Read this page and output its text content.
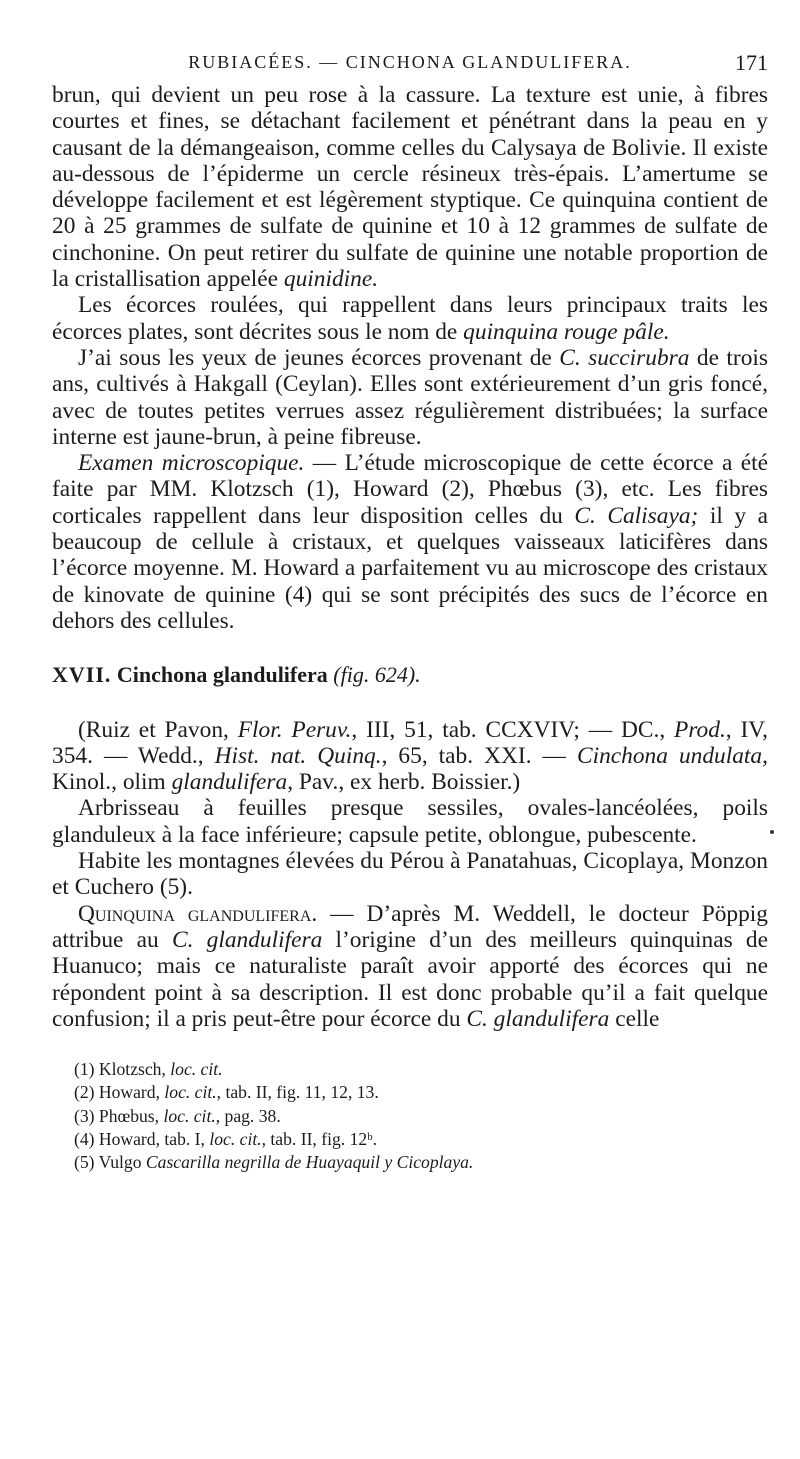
RUBIACÉES. — CINCHONA GLANDULIFERA.	171

brun, qui devient un peu rose à la cassure. La texture est unie, à fibres courtes et fines, se détachant facilement et pénétrant dans la peau en y causant de la démangeaison, comme celles du Calysaya de Bolivie. Il existe au-dessous de l’épiderme un cercle résineux très-épais. L’amertume se développe facilement et est légèrement styptique. Ce quinquina contient de 20 à 25 grammes de sulfate de quinine et 10 à 12 grammes de sulfate de cinchonine. On peut retirer du sulfate de quinine une notable proportion de la cristallisation appelée quinidine.

Les écorces roulées, qui rappellent dans leurs principaux traits les écorces plates, sont décrites sous le nom de quinquina rouge pâle.

J’ai sous les yeux de jeunes écorces provenant de C. succirubra de trois ans, cultivés à Hakgall (Ceylan). Elles sont extérieurement d’un gris foncé, avec de toutes petites verrues assez régulièrement distribuées; la surface interne est jaune-brun, à peine fibreuse.

Examen microscopique. — L’étude microscopique de cette écorce a été faite par MM. Klotzsch (1), Howard (2), Phœbus (3), etc. Les fibres corticales rappellent dans leur disposition celles du C. Calisaya; il y a beaucoup de cellule à cristaux, et quelques vaisseaux laticifères dans l’écorce moyenne. M. Howard a parfaitement vu au microscope des cristaux de kinovate de quinine (4) qui se sont précipités des sucs de l’écorce en dehors des cellules.

XVII. Cinchona glandulifera (fig. 624).

(Ruiz et Pavon, Flor. Peruv., III, 51, tab. CCXVIV; — DC., Prod., IV, 354. — Wedd., Hist. nat. Quinq., 65, tab. XXI. — Cinchona undulata, Kinol., olim glandulifera, Pav., ex herb. Boissier.)

Arbrisseau à feuilles presque sessiles, ovales-lancéolées, poils glanduleux à la face inférieure; capsule petite, oblongue, pubescente.

Habite les montagnes élevées du Pérou à Panatahuas, Cicoplaya, Monzon et Cuchero (5).

Quinquina glandulifera. — D’après M. Weddell, le docteur Pöppig attribue au C. glandulifera l’origine d’un des meilleurs quinquinas de Huanuco; mais ce naturaliste paraît avoir apporté des écorces qui ne répondent point à sa description. Il est donc probable qu’il a fait quelque confusion; il a pris peut-être pour écorce du C. glandulifera celle

(1) Klotzsch, loc. cit.
(2) Howard, loc. cit., tab. II, fig. 11, 12, 13.
(3) Phœbus, loc. cit., pag. 38.
(4) Howard, tab. I, loc. cit., tab. II, fig. 12ᵇ.
(5) Vulgo Cascarilla negrilla de Huayaquil y Cicoplaya.
